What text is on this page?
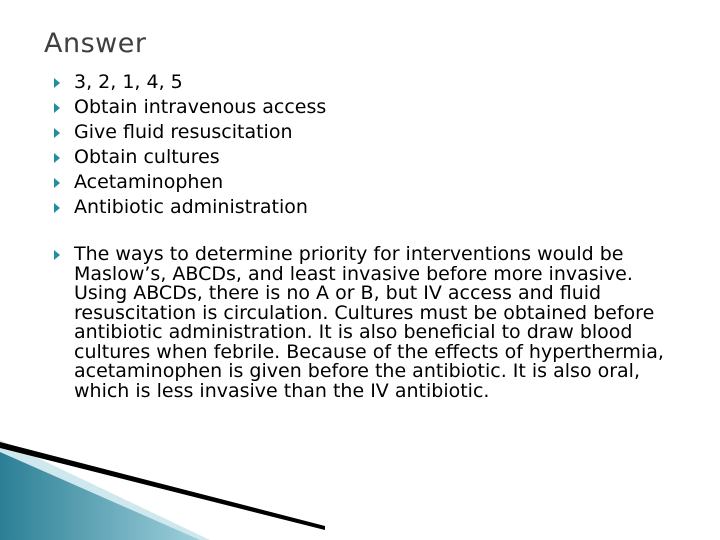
Answer
3, 2, 1, 4, 5
Obtain intravenous access
Give fluid resuscitation
Obtain cultures
Acetaminophen
Antibiotic administration
The ways to determine priority for interventions would be Maslow’s, ABCDs, and least invasive before more invasive. Using ABCDs, there is no A or B, but IV access and fluid resuscitation is circulation. Cultures must be obtained before antibiotic administration. It is also beneficial to draw blood cultures when febrile. Because of the effects of hyperthermia, acetaminophen is given before the antibiotic. It is also oral, which is less invasive than the IV antibiotic.
